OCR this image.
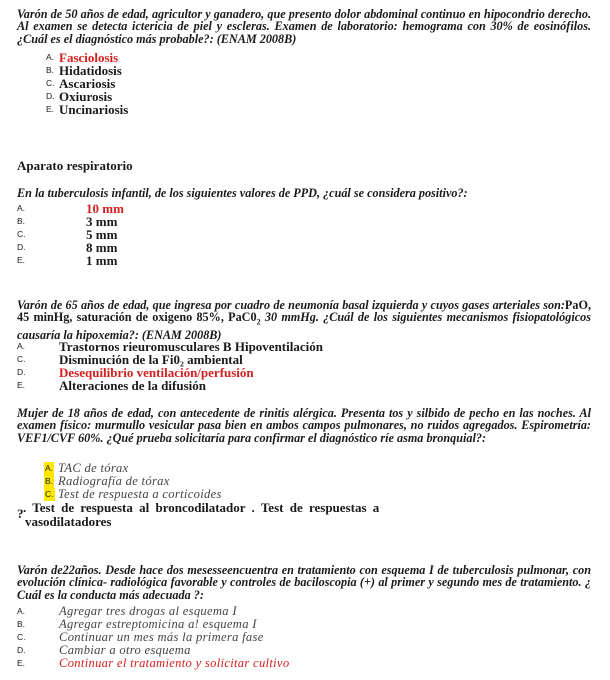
Varón de 50 años de edad, agricultor y ganadero, que presento dolor abdominal continuo en hipocondrio derecho. Al examen se detecta ictericia de piel y escleras. Examen de laboratorio: hemograma con 30% de eosinófilos. ¿Cuál es el diagnóstico más probable?: (ENAM 2008B)
A. Fasciolosis
B. Hidatidosis
C. Ascariosis
D. Oxiurosis
E. Uncinariosis
Aparato respiratorio
En la tuberculosis infantil, de los siguientes valores de PPD, ¿cuál se considera positivo?:
A.	10 mm
B.	3 mm
C.	5 mm
D.	8 mm
E.	1 mm
Varón de 65 años de edad, que ingresa por cuadro de neumonía basal izquierda y cuyos gases arteriales son:PaO, 45 minHg, saturación de oxigeno 85%, $PaC0_2$ 30 mmHg. ¿Cuál de los siguientes mecanismos fisiopatológicos causaría la hipoxemia?: (ENAM 2008B)
A.	Trastornos rieuromusculares B Hipoventilación
C.	Disminución de la Fi0₂ ambiental
D.	Desequilibrio ventilación/perfusión
E.	Alteraciones de la difusión
Mujer de 18 años de edad, con antecedente de rinitis alérgica. Presenta tos y silbido de pecho en las noches. Al examen físico: murmullo vesicular pasa bien en ambos campos pulmonares, no ruidos agregados. Espirometría: VEF1/CVF 60%. ¿Qué prueba solicitaría para confirmar el diagnóstico ríe asma bronquial?:
A. TAC de tórax
B. Radiografía de tórax
C. Test de respuesta a corticoides
? . Test de respuesta al broncodilatador . Test de respuestas a
vasodilatadores
Varón de22años. Desde hace dos mesesseencuentra en tratamiento con esquema I de tuberculosis pulmonar, con evolución clínica- radiológica favorable y controles de baciloscopia (+) al primer y segundo mes de tratamiento. ¿ Cuál es la conducta más adecuada ?:
A.	Agregar tres drogas al esquema I
B.	Agregar estreptomicina a! esquema I
C.	Continuar un mes más la primera fase
D.	Cambiar a otro esquema
E.	Continuar el tratamiento y solicitar cultivo
